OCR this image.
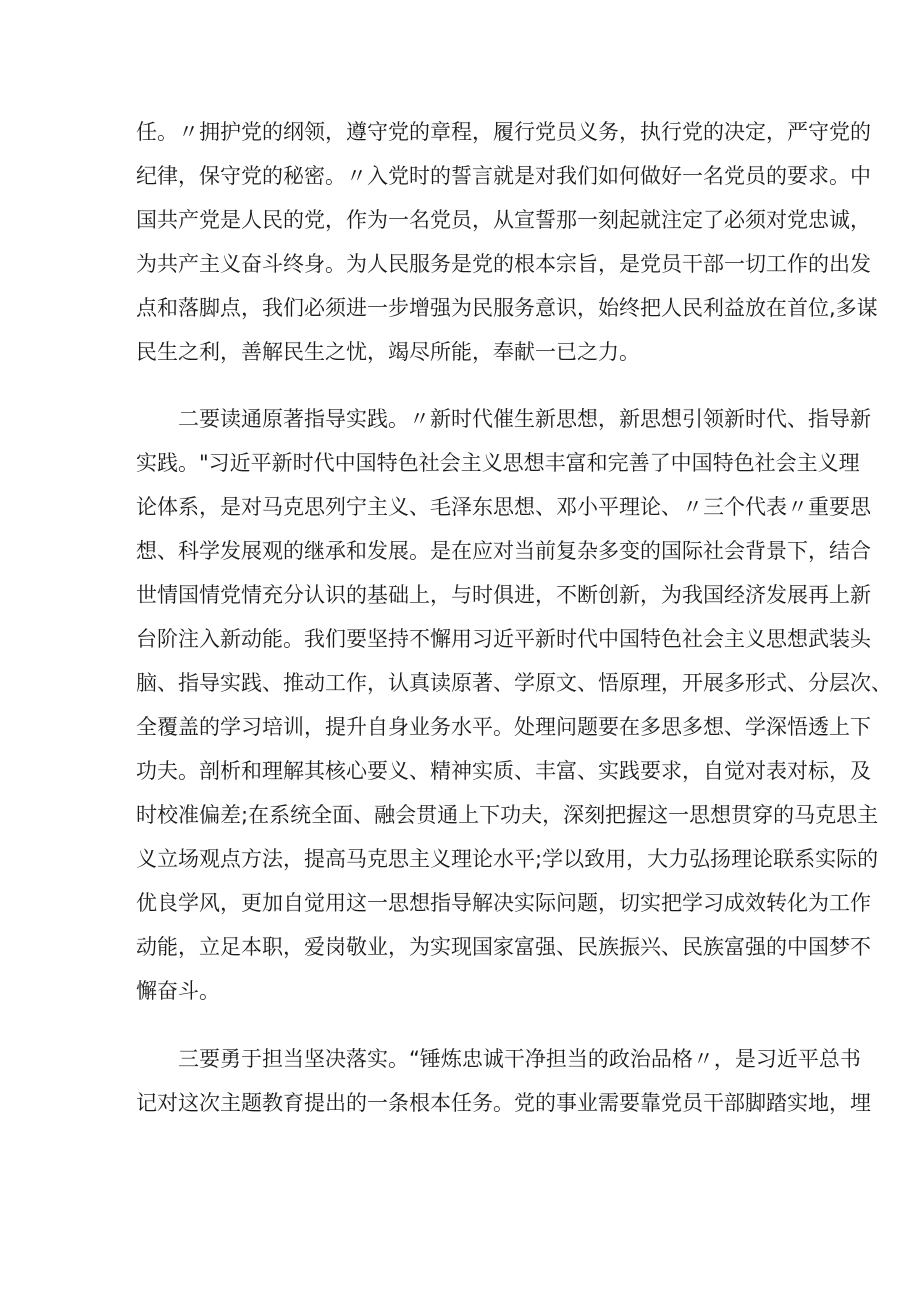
任。〃拥护党的纲领，遵守党的章程，履行党员义务，执行党的决定，严守党的
纪律，保守党的秘密。〃入党时的誓言就是对我们如何做好一名党员的要求。中
国共产党是人民的党，作为一名党员，从宣誓那一刻起就注定了必须对党忠诚，
为共产主义奋斗终身。为人民服务是党的根本宗旨，是党员干部一切工作的出发
点和落脚点，我们必须进一步增强为民服务意识，始终把人民利益放在首位,多谋
民生之利，善解民生之忧，竭尽所能，奉献一已之力。
二要读通原著指导实践。〃新时代催生新思想，新思想引领新时代、指导新
实践。"习近平新时代中国特色社会主义思想丰富和完善了中国特色社会主义理
论体系，是对马克思列宁主义、毛泽东思想、邓小平理论、〃三个代表〃重要思
想、科学发展观的继承和发展。是在应对当前复杂多变的国际社会背景下，结合
世情国情党情充分认识的基础上，与时俱进，不断创新，为我国经济发展再上新
台阶注入新动能。我们要坚持不懈用习近平新时代中国特色社会主义思想武装头
脑、指导实践、推动工作，认真读原著、学原文、悟原理，开展多形式、分层次、
全覆盖的学习培训，提升自身业务水平。处理问题要在多思多想、学深悟透上下
功夫。剖析和理解其核心要义、精神实质、丰富、实践要求，自觉对表对标，及
时校准偏差;在系统全面、融会贯通上下功夫，深刻把握这一思想贯穿的马克思主
义立场观点方法，提高马克思主义理论水平;学以致用，大力弘扬理论联系实际的
优良学风，更加自觉用这一思想指导解决实际问题，切实把学习成效转化为工作
动能，立足本职，爱岗敬业，为实现国家富强、民族振兴、民族富强的中国梦不
懈奋斗。
三要勇于担当坚决落实。“锤炼忠诚干净担当的政治品格〃，是习近平总书
记对这次主题教育提出的一条根本任务。党的事业需要靠党员干部脚踏实地，埋
